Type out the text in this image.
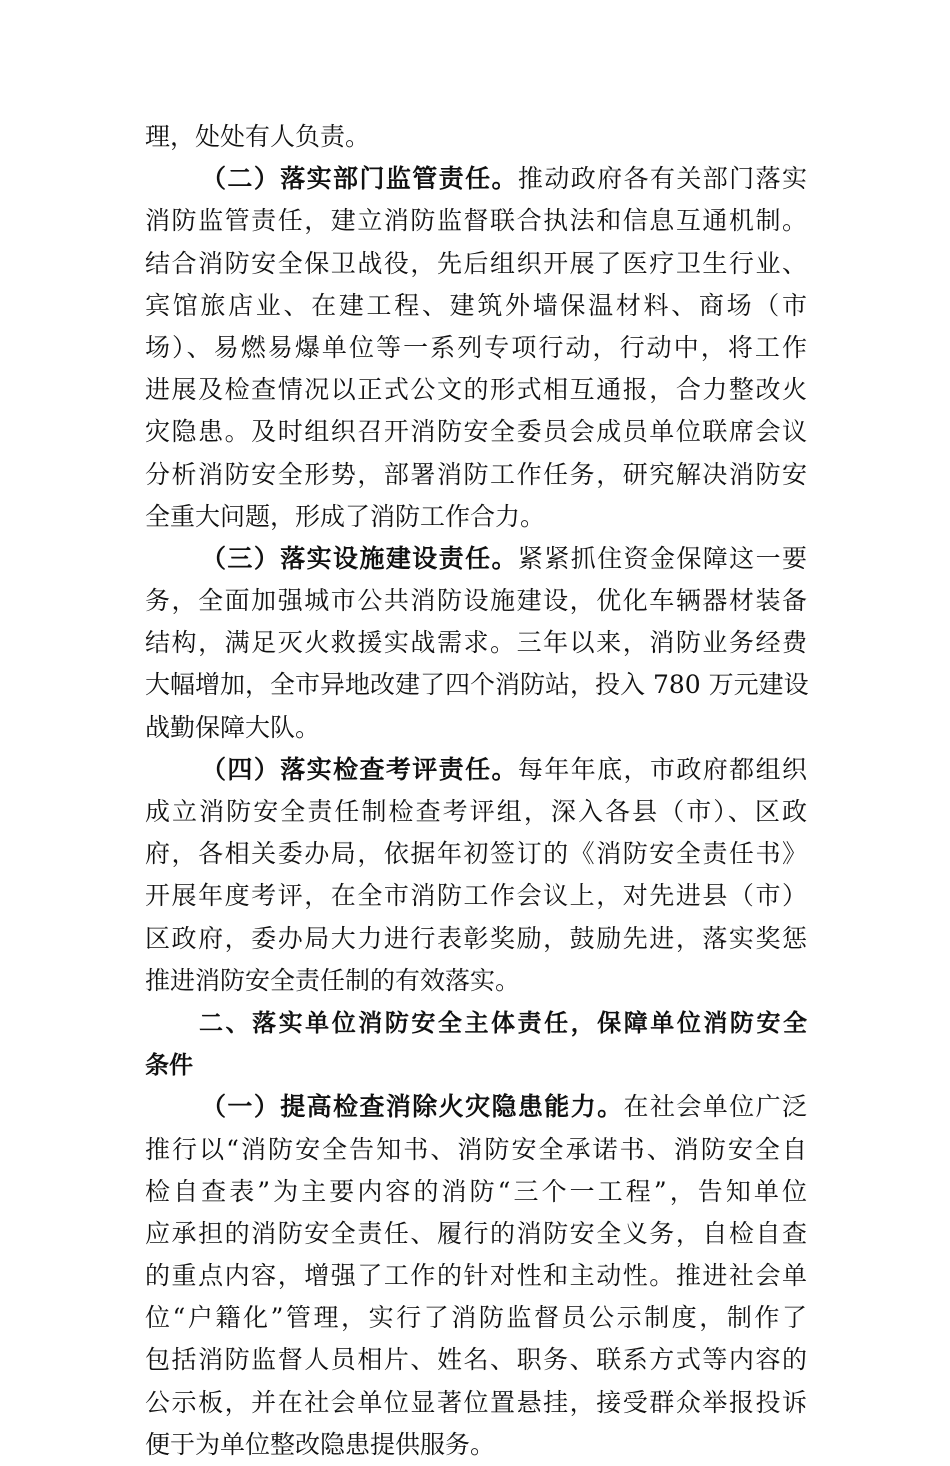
理，处处有人负责。
（二）落实部门监管责任。推动政府各有关部门落实
消防监管责任，建立消防监督联合执法和信息互通机制。
结合消防安全保卫战役，先后组织开展了医疗卫生行业、
宾馆旅店业、在建工程、建筑外墙保温材料、商场（市
场）、易燃易爆单位等一系列专项行动，行动中，将工作
进展及检查情况以正式公文的形式相互通报，合力整改火
灾隐患。及时组织召开消防安全委员会成员单位联席会议
分析消防安全形势，部署消防工作任务，研究解决消防安
全重大问题，形成了消防工作合力。
（三）落实设施建设责任。紧紧抓住资金保障这一要
务，全面加强城市公共消防设施建设，优化车辆器材装备
结构，满足灭火救援实战需求。三年以来，消防业务经费
大幅增加，全市异地改建了四个消防站，投入 780 万元建设
战勤保障大队。
（四）落实检查考评责任。每年年底，市政府都组织
成立消防安全责任制检查考评组，深入各县（市）、区政
府，各相关委办局，依据年初签订的《消防安全责任书》
开展年度考评，在全市消防工作会议上，对先进县（市）
区政府，委办局大力进行表彰奖励，鼓励先进，落实奖惩
推进消防安全责任制的有效落实。
二、落实单位消防安全主体责任，保障单位消防安全
条件
（一）提高检查消除火灾隐患能力。在社会单位广泛
推行以“消防安全告知书、消防安全承诺书、消防安全自
检自查表”为主要内容的消防“三个一工程”，告知单位
应承担的消防安全责任、履行的消防安全义务，自检自查
的重点内容，增强了工作的针对性和主动性。推进社会单
位“户籍化”管理，实行了消防监督员公示制度，制作了
包括消防监督人员相片、姓名、职务、联系方式等内容的
公示板，并在社会单位显著位置悬挂，接受群众举报投诉
便于为单位整改隐患提供服务。
